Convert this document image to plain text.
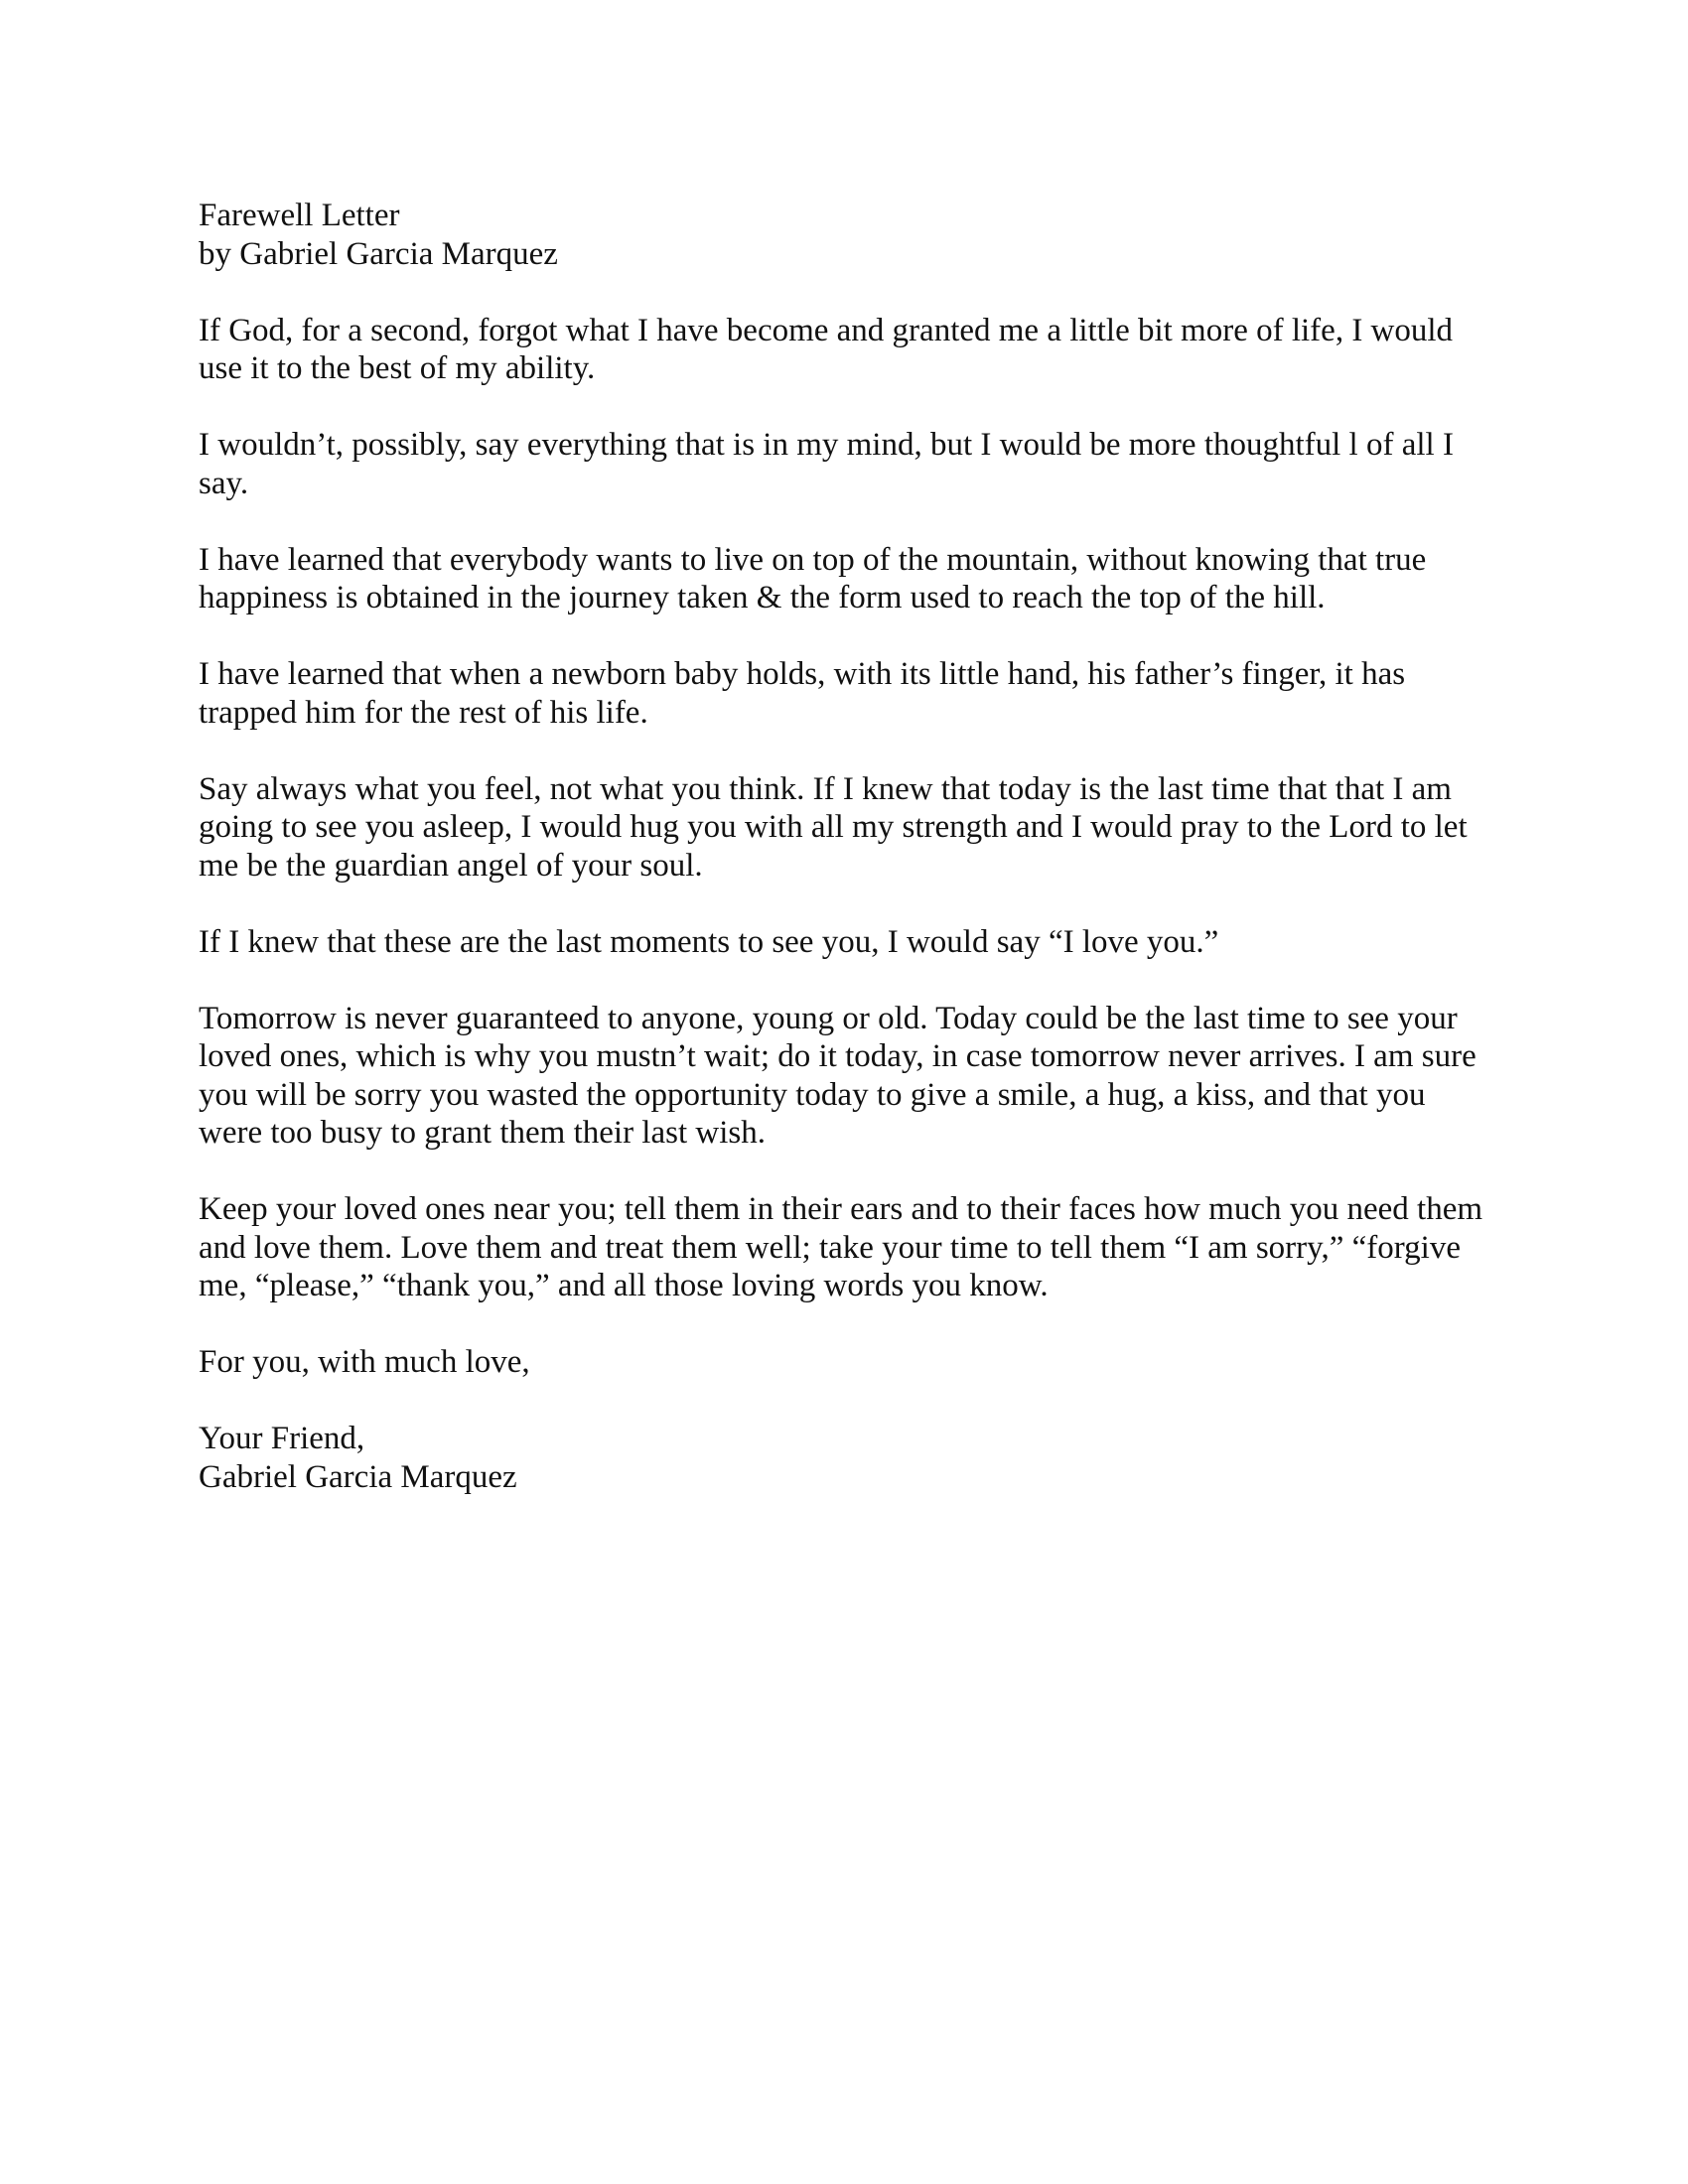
Farewell Letter

by Gabriel Garcia Marquez

If God, for a second, forgot what I have become and granted me a little bit more of life, I would use it to the best of my ability.

I wouldn’t, possibly, say everything that is in my mind, but I would be more thoughtful l of all I say.

I have learned that everybody wants to live on top of the mountain, without knowing that true happiness is obtained in the journey taken & the form used to reach the top of the hill.

I have learned that when a newborn baby holds, with its little hand, his father’s finger, it has trapped him for the rest of his life.

Say always what you feel, not what you think. If I knew that today is the last time that that I am going to see you asleep, I would hug you with all my strength and I would pray to the Lord to let me be the guardian angel of your soul.

If I knew that these are the last moments to see you, I would say “I love you.”

Tomorrow is never guaranteed to anyone, young or old. Today could be the last time to see your loved ones, which is why you mustn’t wait; do it today, in case tomorrow never arrives. I am sure you will be sorry you wasted the opportunity today to give a smile, a hug, a kiss, and that you were too busy to grant them their last wish.

Keep your loved ones near you; tell them in their ears and to their faces how much you need them and love them. Love them and treat them well; take your time to tell them “I am sorry,” “forgive me, “please,” “thank you,” and all those loving words you know.

For you, with much love,

Your Friend,

Gabriel Garcia Marquez
